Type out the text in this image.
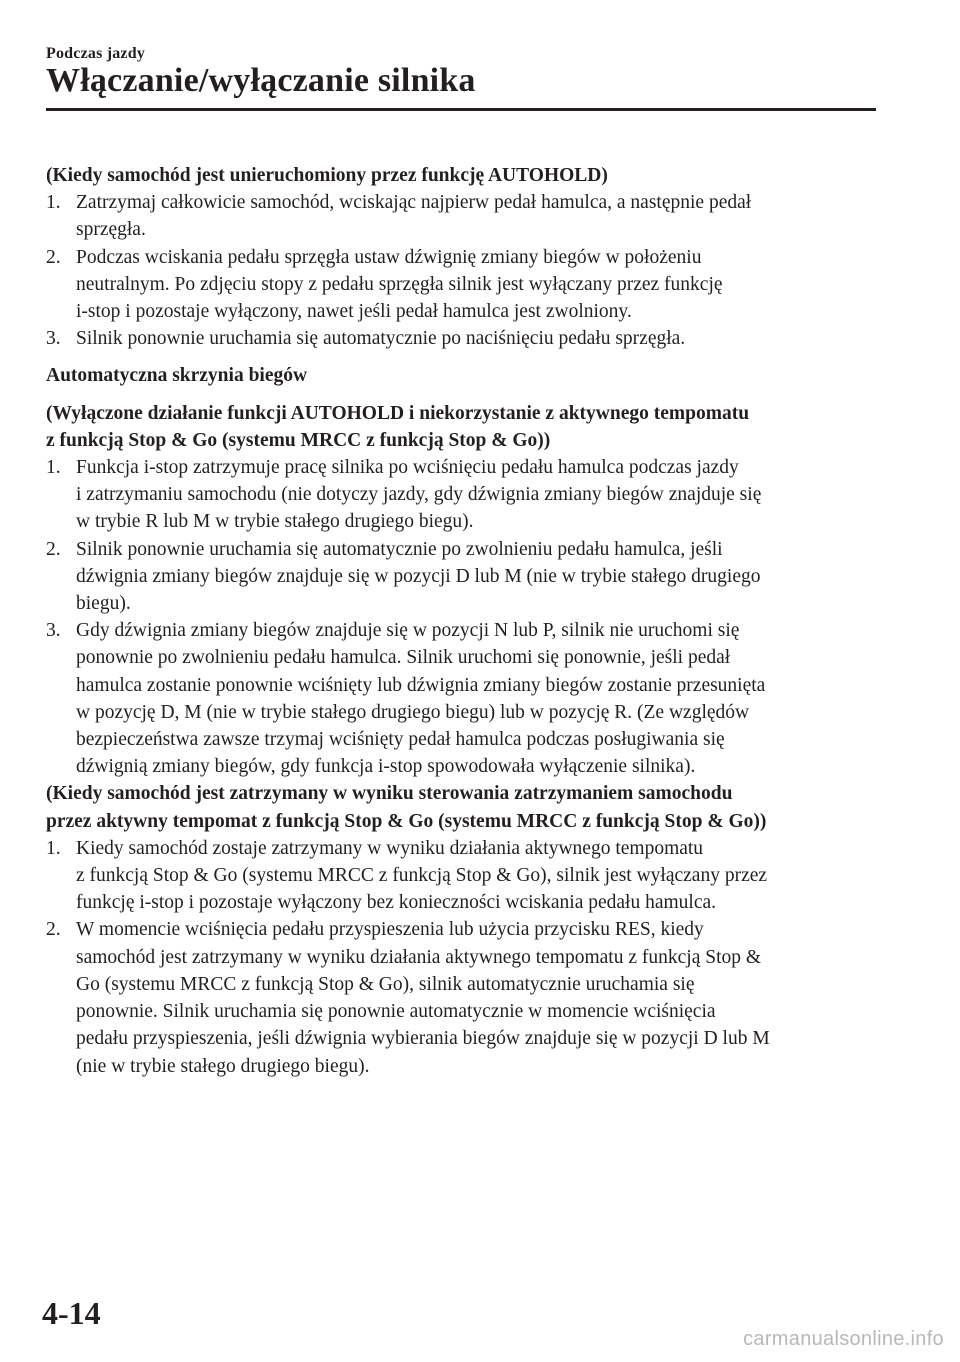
Podczas jazdy
Włączanie/wyłączanie silnika
(Kiedy samochód jest unieruchomiony przez funkcję AUTOHOLD)
1. Zatrzymaj całkowicie samochód, wciskając najpierw pedał hamulca, a następnie pedał
sprzęgła.
2. Podczas wciskania pedału sprzęgła ustaw dźwignię zmiany biegów w położeniu
neutralnym. Po zdjęciu stopy z pedału sprzęgła silnik jest wyłączany przez funkcję
i-stop i pozostaje wyłączony, nawet jeśli pedał hamulca jest zwolniony.
3. Silnik ponownie uruchamia się automatycznie po naciśnięciu pedału sprzęgła.
Automatyczna skrzynia biegów
(Wyłączone działanie funkcji AUTOHOLD i niekorzystanie z aktywnego tempomatu
z funkcją Stop & Go (systemu MRCC z funkcją Stop & Go))
1. Funkcja i-stop zatrzymuje pracę silnika po wciśnięciu pedału hamulca podczas jazdy
i zatrzymaniu samochodu (nie dotyczy jazdy, gdy dźwignia zmiany biegów znajduje się
w trybie R lub M w trybie stałego drugiego biegu).
2. Silnik ponownie uruchamia się automatycznie po zwolnieniu pedału hamulca, jeśli
dźwignia zmiany biegów znajduje się w pozycji D lub M (nie w trybie stałego drugiego
biegu).
3. Gdy dźwignia zmiany biegów znajduje się w pozycji N lub P, silnik nie uruchomi się
ponownie po zwolnieniu pedału hamulca. Silnik uruchomi się ponownie, jeśli pedał
hamulca zostanie ponownie wciśnięty lub dźwignia zmiany biegów zostanie przesunięta
w pozycję D, M (nie w trybie stałego drugiego biegu) lub w pozycję R. (Ze względów
bezpieczeństwa zawsze trzymaj wciśnięty pedał hamulca podczas posługiwania się
dźwignią zmiany biegów, gdy funkcja i-stop spowodowała wyłączenie silnika).
(Kiedy samochód jest zatrzymany w wyniku sterowania zatrzymaniem samochodu
przez aktywny tempomat z funkcją Stop & Go (systemu MRCC z funkcją Stop & Go))
1. Kiedy samochód zostaje zatrzymany w wyniku działania aktywnego tempomatu
z funkcją Stop & Go (systemu MRCC z funkcją Stop & Go), silnik jest wyłączany przez
funkcję i-stop i pozostaje wyłączony bez konieczności wciskania pedału hamulca.
2. W momencie wciśnięcia pedału przyspieszenia lub użycia przycisku RES, kiedy
samochód jest zatrzymany w wyniku działania aktywnego tempomatu z funkcją Stop &
Go (systemu MRCC z funkcją Stop & Go), silnik automatycznie uruchamia się
ponownie. Silnik uruchamia się ponownie automatycznie w momencie wciśnięcia
pedału przyspieszenia, jeśli dźwignia wybierania biegów znajduje się w pozycji D lub M
(nie w trybie stałego drugiego biegu).
4-14
carmanualsonline.info
